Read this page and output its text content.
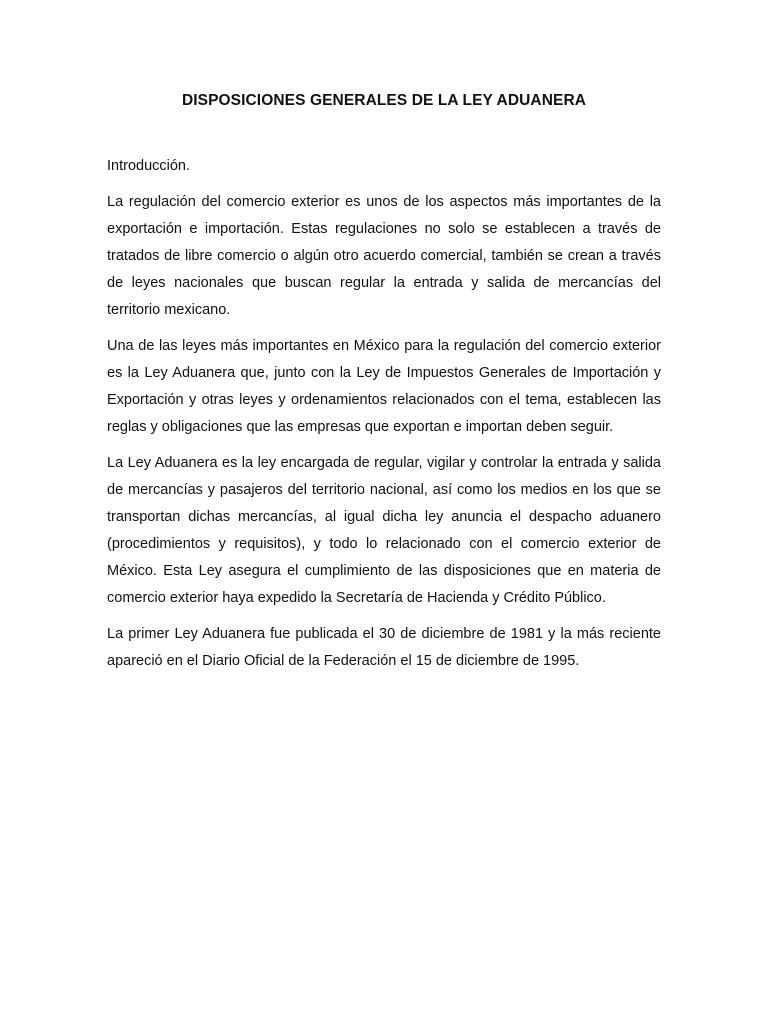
DISPOSICIONES GENERALES DE LA LEY ADUANERA

Introducción.

La regulación del comercio exterior es unos de los aspectos más importantes de la exportación e importación. Estas regulaciones no solo se establecen a través de tratados de libre comercio o algún otro acuerdo comercial, también se crean a través de leyes nacionales que buscan regular la entrada y salida de mercancías del territorio mexicano.

Una de las leyes más importantes en México para la regulación del comercio exterior es la Ley Aduanera que, junto con la Ley de Impuestos Generales de Importación y Exportación y otras leyes y ordenamientos relacionados con el tema, establecen las reglas y obligaciones que las empresas que exportan e importan deben seguir.

La Ley Aduanera es la ley encargada de regular, vigilar y controlar la entrada y salida de mercancías y pasajeros del territorio nacional, así como los medios en los que se transportan dichas mercancías, al igual dicha ley anuncia el despacho aduanero (procedimientos y requisitos), y todo lo relacionado con el comercio exterior de México. Esta Ley asegura el cumplimiento de las disposiciones que en materia de comercio exterior haya expedido la Secretaría de Hacienda y Crédito Público.

La primer Ley Aduanera fue publicada el 30 de diciembre de 1981 y la más reciente apareció en el Diario Oficial de la Federación el 15 de diciembre de 1995.
